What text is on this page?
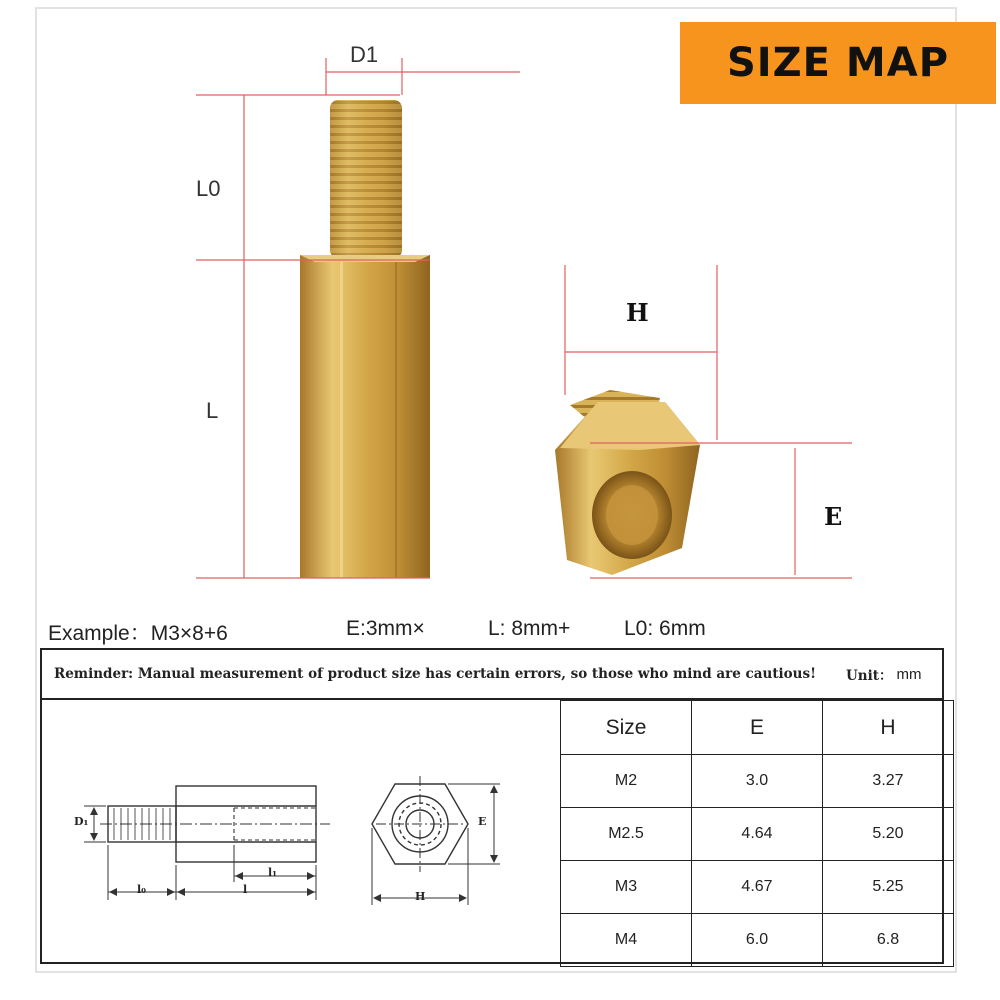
SIZE MAP
D1
L0
L
H
E
Example：M3×8+6	E:3mm×	L: 8mm+	L0: 6mm
Reminder: Manual measurement of product size has certain errors, so those who mind are cautious! Unit： mm
D₁
l₀	l
l₁
E
H
Size	E	H
M2	3.0	3.27
M2.5	4.64	5.20
M3	4.67	5.25
M4	6.0	6.8
